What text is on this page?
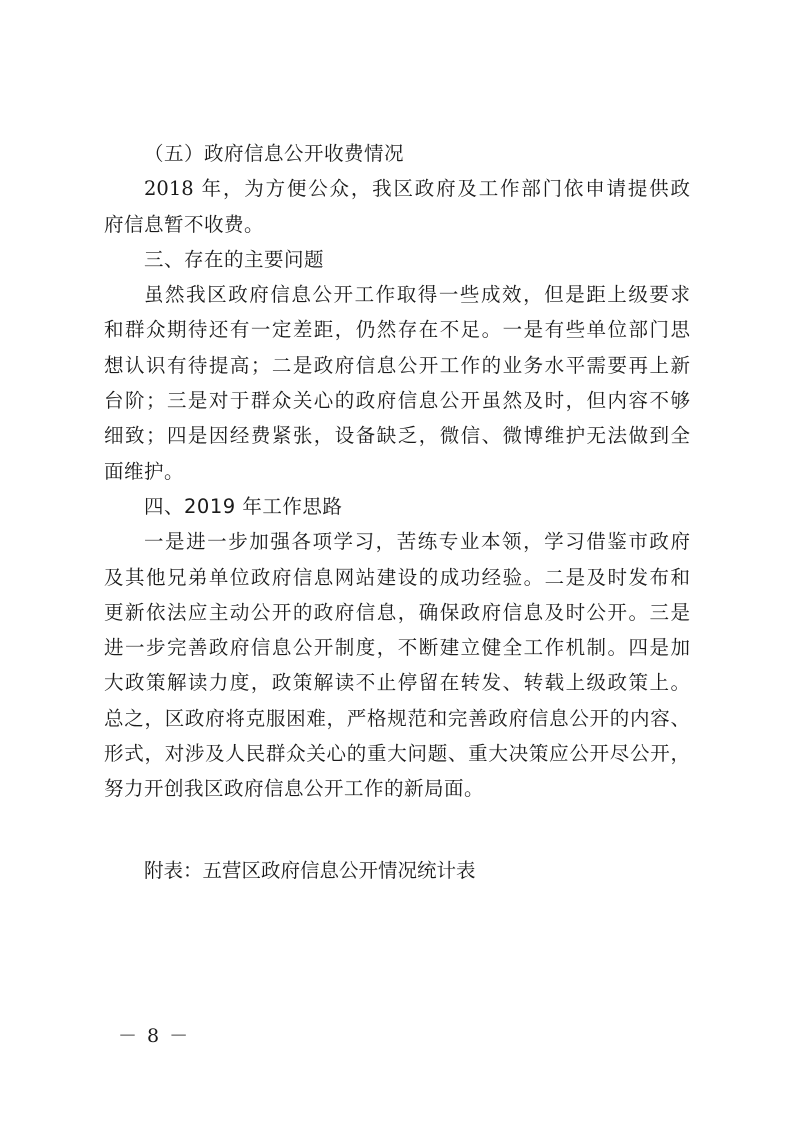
（五）政府信息公开收费情况
2018 年，为方便公众，我区政府及工作部门依申请提供政
府信息暂不收费。
三、存在的主要问题
虽然我区政府信息公开工作取得一些成效，但是距上级要求
和群众期待还有一定差距，仍然存在不足。一是有些单位部门思
想认识有待提高；二是政府信息公开工作的业务水平需要再上新
台阶；三是对于群众关心的政府信息公开虽然及时，但内容不够
细致；四是因经费紧张，设备缺乏，微信、微博维护无法做到全
面维护。
四、2019 年工作思路
一是进一步加强各项学习，苦练专业本领，学习借鉴市政府
及其他兄弟单位政府信息网站建设的成功经验。二是及时发布和
更新依法应主动公开的政府信息，确保政府信息及时公开。三是
进一步完善政府信息公开制度，不断建立健全工作机制。四是加
大政策解读力度，政策解读不止停留在转发、转载上级政策上。
总之，区政府将克服困难，严格规范和完善政府信息公开的内容、
形式，对涉及人民群众关心的重大问题、重大决策应公开尽公开，
努力开创我区政府信息公开工作的新局面。
附表：五营区政府信息公开情况统计表
－ 8 －
